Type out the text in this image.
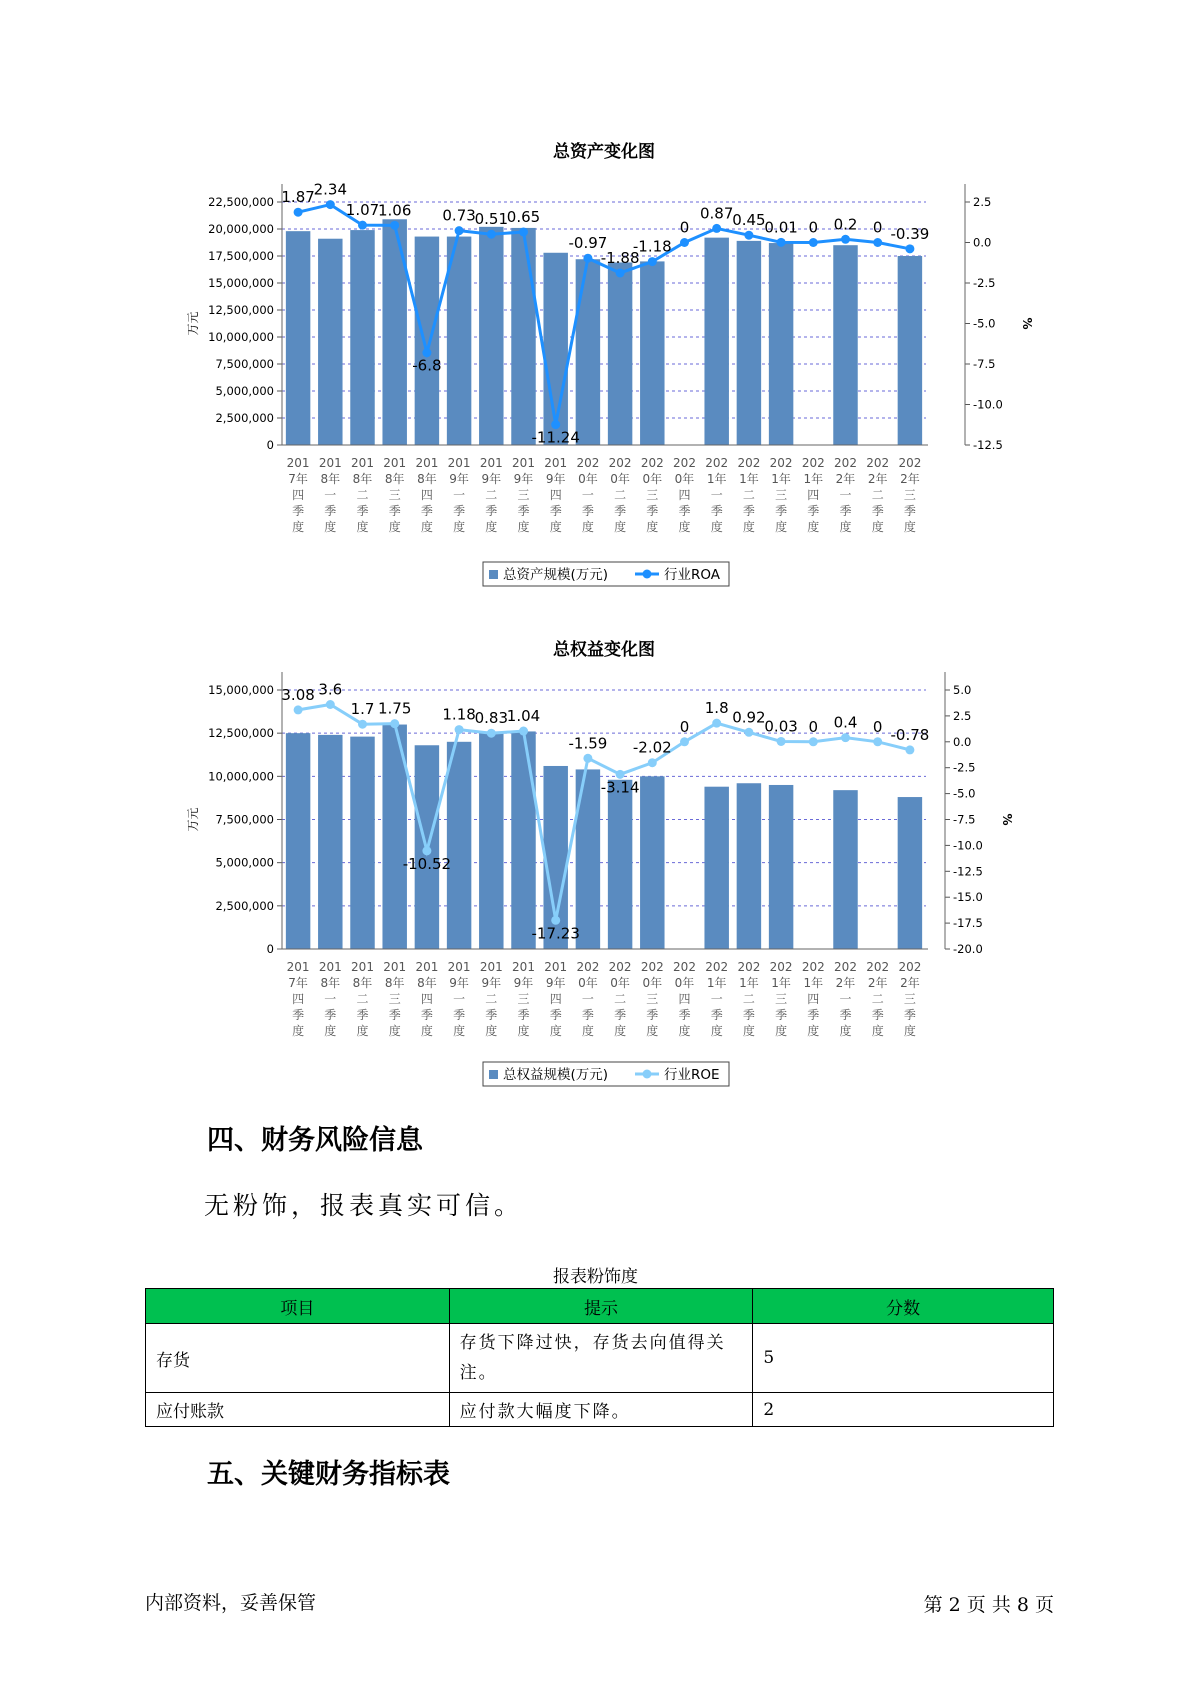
总资产变化图
0
2,500,000
5,000,000
7,500,000
10,000,000
12,500,000
15,000,000
17,500,000
20,000,000
22,500,000	2.5
0.0
-2.5
-5.0
-7.5
-10.0
-12.5
万元	%
1.87
2.34
1.07
1.06
-6.8
0.73
0.51
0.65
-11.24
-0.97
-1.88
-1.18
0
0.87
0.45
0.01 0 0.2 0 -0.39
201
7年
四
季
度
201
8年
一
季
度
201
8年
二
季
度
201
8年
三
季
度
201
8年
四
季
度
201
9年
一
季
度
201
9年
二
季
度
201
9年
三
季
度
201
9年
四
季
度
202
0年
一
季
度
202
0年
二
季
度
202
0年
三
季
度
202
0年
四
季
度
202
1年
一
季
度
202
1年
二
季
度
202
1年
三
季
度
202
1年
四
季
度
202
2年
一
季
度
202
2年
二
季
度
202
2年
三
季
度
总资产规模(万元)	行业ROA
总权益变化图
0
2,500,000
5,000,000
7,500,000
10,000,000
12,500,000
15,000,000	5.0
2.5
0.0
-2.5
-5.0
-7.5
-10.0
-12.5
-15.0
-17.5
-20.0
万元	%
3.08 3.6
1.7 1.75
-10.52
1.18
0.83
1.04
-17.23
-1.59
-3.14
-2.02
0
1.8
0.92
0.03 0 0.4 0 -0.78
201
7年
四
季
度
201
8年
一
季
度
201
8年
二
季
度
201
8年
三
季
度
201
8年
四
季
度
201
9年
一
季
度
201
9年
二
季
度
201
9年
三
季
度
201
9年
四
季
度
202
0年
一
季
度
202
0年
二
季
度
202
0年
三
季
度
202
0年
四
季
度
202
1年
一
季
度
202
1年
二
季
度
202
1年
三
季
度
202
1年
四
季
度
202
2年
一
季
度
202
2年
二
季
度
202
2年
三
季
度
总权益规模(万元)	行业ROE
四、财务风险信息
无粉饰，报表真实可信。
报表粉饰度
项目	提示	分数
存货	存货下降过快，存货去向值得关注。	5
应付账款	应付款大幅度下降。	2
五、关键财务指标表
内部资料，妥善保管	第 2 页 共 8 页
